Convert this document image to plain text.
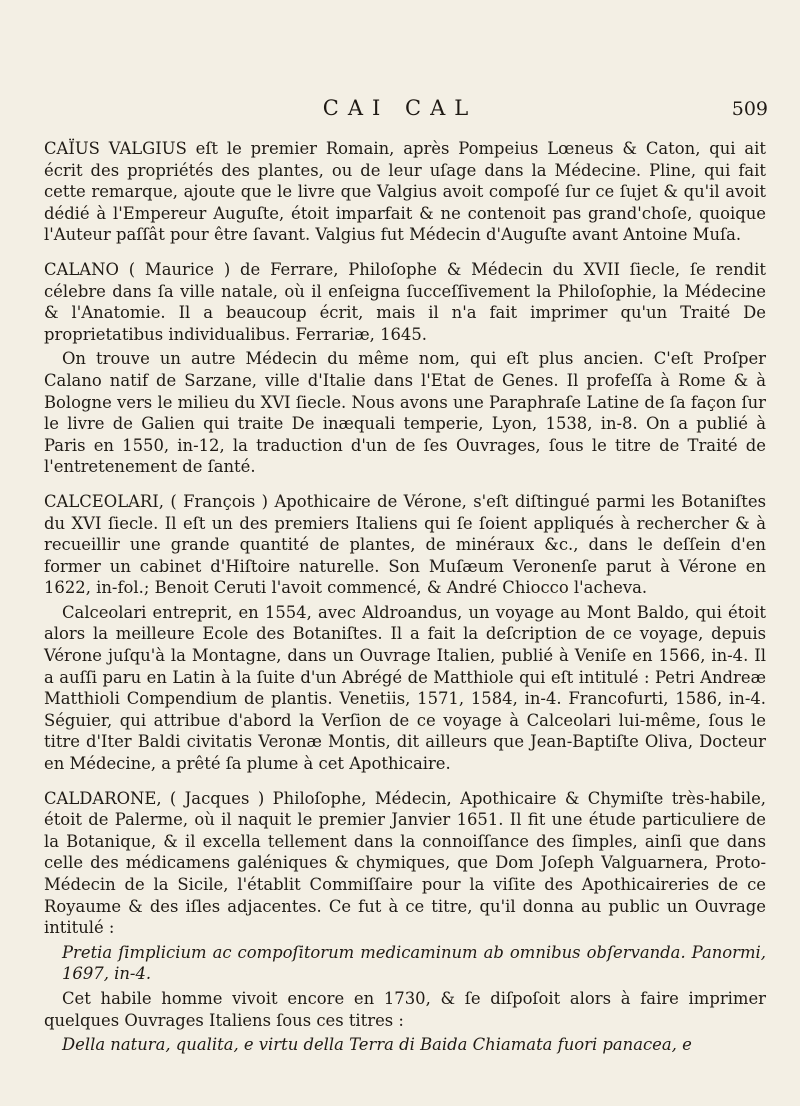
CAI CAL	509

CAÏUS VALGIUS eſt le premier Romain, après Pompeius Lœneus & Caton, qui ait écrit des propriétés des plantes, ou de leur uſage dans la Médecine. Pline, qui fait cette remarque, ajoute que le livre que Valgius avoit compoſé ſur ce ſujet & qu'il avoit dédié à l'Empereur Auguſte, étoit imparfait & ne contenoit pas grand'choſe, quoique l'Auteur paſſât pour être ſavant. Valgius fut Médecin d'Auguſte avant Antoine Muſa.

CALANO ( Maurice ) de Ferrare, Philoſophe & Médecin du XVII ſiecle, ſe rendit célebre dans ſa ville natale, où il enſeigna ſucceſſivement la Philoſophie, la Médecine & l'Anatomie. Il a beaucoup écrit, mais il n'a fait imprimer qu'un Traité De proprietatibus individualibus. Ferrariæ, 1645.

On trouve un autre Médecin du même nom, qui eſt plus ancien. C'eſt Proſper Calano natif de Sarzane, ville d'Italie dans l'Etat de Genes. Il profeſſa à Rome & à Bologne vers le milieu du XVI ſiecle. Nous avons une Paraphraſe Latine de ſa façon ſur le livre de Galien qui traite De inæquali temperie, Lyon, 1538, in-8. On a publié à Paris en 1550, in-12, la traduction d'un de ſes Ouvrages, ſous le titre de Traité de l'entretenement de ſanté.

CALCEOLARI, ( François ) Apothicaire de Vérone, s'eſt diſtingué parmi les Botaniſtes du XVI ſiecle. Il eſt un des premiers Italiens qui ſe ſoient appliqués à rechercher & à recueillir une grande quantité de plantes, de minéraux &c., dans le deſſein d'en former un cabinet d'Hiſtoire naturelle. Son Muſæum Veronenſe parut à Vérone en 1622, in-fol.; Benoit Ceruti l'avoit commencé, & André Chiocco l'acheva.

Calceolari entreprit, en 1554, avec Aldroandus, un voyage au Mont Baldo, qui étoit alors la meilleure Ecole des Botaniſtes. Il a fait la deſcription de ce voyage, depuis Vérone juſqu'à la Montagne, dans un Ouvrage Italien, publié à Veniſe en 1566, in-4. Il a auſſi paru en Latin à la ſuite d'un Abrégé de Matthiole qui eſt intitulé : Petri Andreæ Matthioli Compendium de plantis. Venetiis, 1571, 1584, in-4. Francofurti, 1586, in-4. Séguier, qui attribue d'abord la Verſion de ce voyage à Calceolari lui-même, ſous le titre d'Iter Baldi civitatis Veronæ Montis, dit ailleurs que Jean-Baptiſte Oliva, Docteur en Médecine, a prêté ſa plume à cet Apothicaire.

CALDARONE, ( Jacques ) Philoſophe, Médecin, Apothicaire & Chymiſte très-habile, étoit de Palerme, où il naquit le premier Janvier 1651. Il fit une étude particuliere de la Botanique, & il excella tellement dans la connoiſſance des ſimples, ainſi que dans celle des médicamens galéniques & chymiques, que Dom Joſeph Valguarnera, Proto-Médecin de la Sicile, l'établit Commiſſaire pour la viſite des Apothicaireries de ce Royaume & des iſles adjacentes. Ce fut à ce titre, qu'il donna au public un Ouvrage intitulé :

Pretia ſimplicium ac compoſitorum medicaminum ab omnibus obſervanda. Panormi, 1697, in-4.

Cet habile homme vivoit encore en 1730, & ſe diſpoſoit alors à faire imprimer quelques Ouvrages Italiens ſous ces titres :

Della natura, qualita, e virtu della Terra di Baida Chiamata fuori panacea, e
